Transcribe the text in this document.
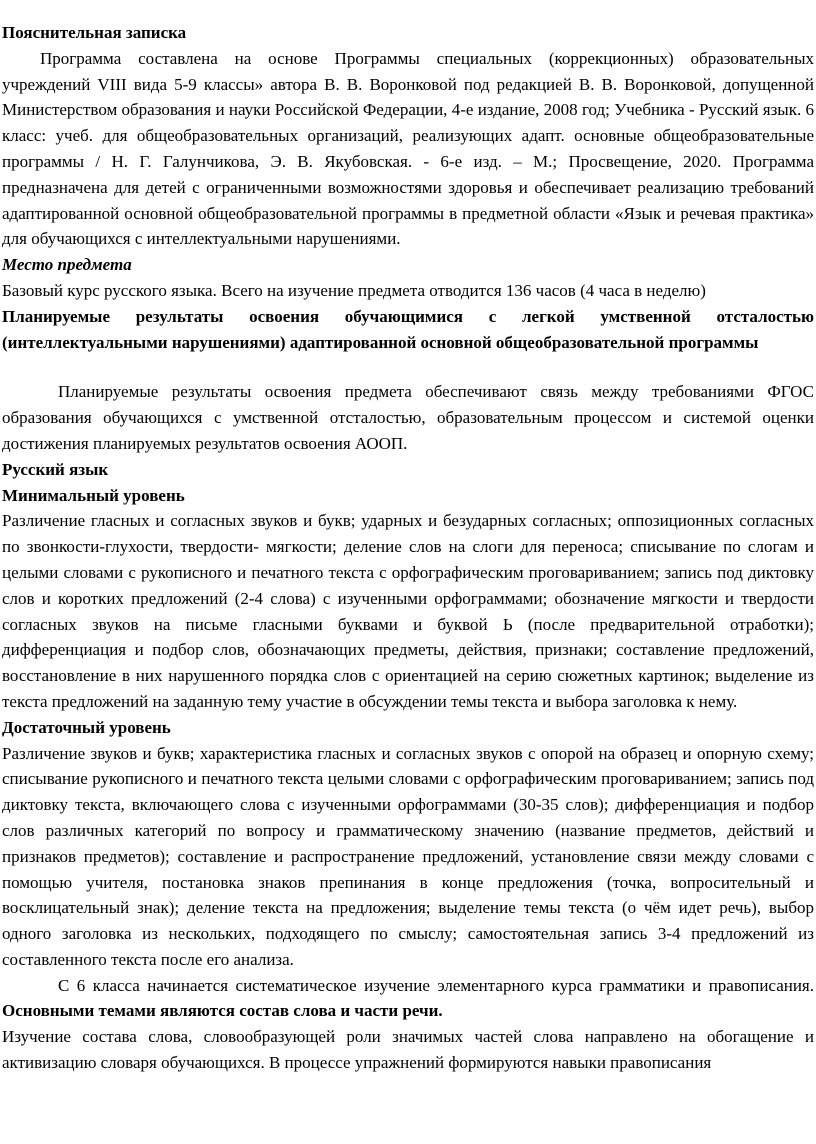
Пояснительная записка

Программа составлена на основе Программы специальных (коррекционных) образовательных учреждений VIII вида 5-9 классы» автора В. В. Воронковой под редакцией В. В. Воронковой, допущенной Министерством образования и науки Российской Федерации, 4-е издание, 2008 год; Учебника - Русский язык. 6 класс: учеб. для общеобразовательных организаций, реализующих адапт. основные общеобразовательные программы / Н. Г. Галунчикова, Э. В. Якубовская. - 6-е изд. – М.; Просвещение, 2020. Программа предназначена для детей с ограниченными возможностями здоровья и обеспечивает реализацию требований адаптированной основной общеобразовательной программы в предметной области «Язык и речевая практика» для обучающихся с интеллектуальными нарушениями.

Место предмета

Базовый курс русского языка. Всего на изучение предмета отводится 136 часов (4 часа в неделю)

Планируемые результаты освоения обучающимися с легкой умственной отсталостью (интеллектуальными нарушениями) адаптированной основной общеобразовательной программы

Планируемые результаты освоения предмета обеспечивают связь между требованиями ФГОС образования обучающихся с умственной отсталостью, образовательным процессом и системой оценки достижения планируемых результатов освоения АООП.

Русский язык

Минимальный уровень

Различение гласных и согласных звуков и букв; ударных и безударных согласных; оппозиционных согласных по звонкости-глухости, твердости- мягкости; деление слов на слоги для переноса; списывание по слогам и целыми словами с рукописного и печатного текста с орфографическим проговариванием; запись под диктовку слов и коротких предложений (2-4 слова) с изученными орфограммами; обозначение мягкости и твердости согласных звуков на письме гласными буквами и буквой Ь (после предварительной отработки); дифференциация и подбор слов, обозначающих предметы, действия, признаки; составление предложений, восстановление в них нарушенного порядка слов с ориентацией на серию сюжетных картинок; выделение из текста предложений на заданную тему участие в обсуждении темы текста и выбора заголовка к нему.

Достаточный уровень

Различение звуков и букв; характеристика гласных и согласных звуков с опорой на образец и опорную схему; списывание рукописного и печатного текста целыми словами с орфографическим проговариванием; запись под диктовку текста, включающего слова с изученными орфограммами (30-35 слов); дифференциация и подбор слов различных категорий по вопросу и грамматическому значению (название предметов, действий и признаков предметов); составление и распространение предложений, установление связи между словами с помощью учителя, постановка знаков препинания в конце предложения (точка, вопросительный и восклицательный знак); деление текста на предложения; выделение темы текста (о чём идет речь), выбор одного заголовка из нескольких, подходящего по смыслу; самостоятельная запись 3-4 предложений из составленного текста после его анализа.

С 6 класса начинается систематическое изучение элементарного курса грамматики и правописания. Основными темами являются состав слова и части речи.

Изучение состава слова, словообразующей роли значимых частей слова направлено на обогащение и активизацию словаря обучающихся. В процессе упражнений формируются навыки правописания
